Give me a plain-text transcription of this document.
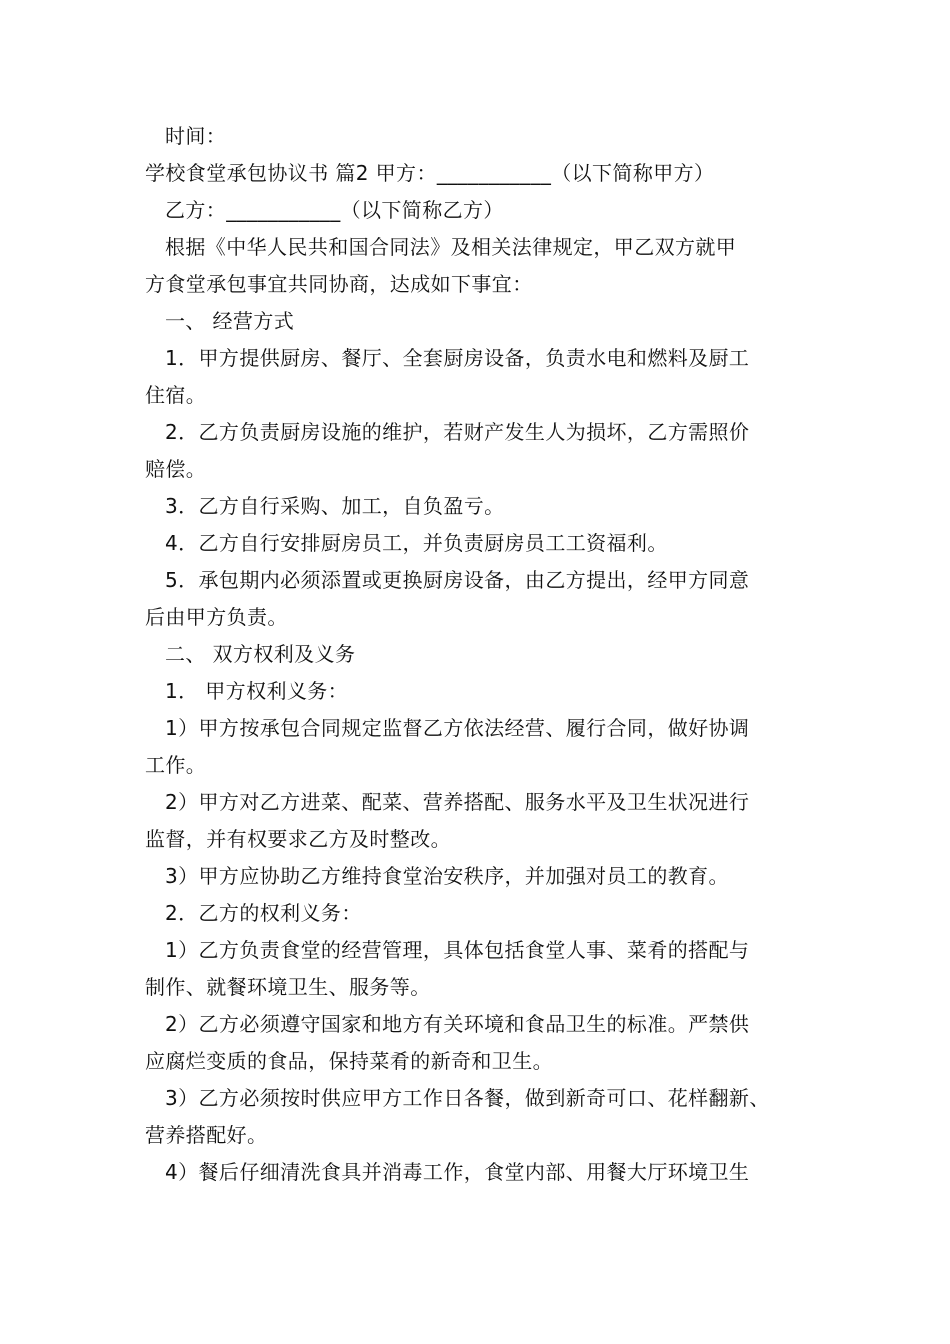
时间：
学校食堂承包协议书 篇2 甲方：___________（以下简称甲方）
乙方：___________（以下简称乙方）
根据《中华人民共和国合同法》及相关法律规定，甲乙双方就甲
方食堂承包事宜共同协商，达成如下事宜：
一、 经营方式
1．甲方提供厨房、餐厅、全套厨房设备，负责水电和燃料及厨工
住宿。
2．乙方负责厨房设施的维护，若财产发生人为损坏，乙方需照价
赔偿。
3．乙方自行采购、加工，自负盈亏。
4．乙方自行安排厨房员工，并负责厨房员工工资福利。
5．承包期内必须添置或更换厨房设备，由乙方提出，经甲方同意
后由甲方负责。
二、 双方权利及义务
1． 甲方权利义务：
1）甲方按承包合同规定监督乙方依法经营、履行合同，做好协调
工作。
2）甲方对乙方进菜、配菜、营养搭配、服务水平及卫生状况进行
监督，并有权要求乙方及时整改。
3）甲方应协助乙方维持食堂治安秩序，并加强对员工的教育。
2．乙方的权利义务：
1）乙方负责食堂的经营管理，具体包括食堂人事、菜肴的搭配与
制作、就餐环境卫生、服务等。
2）乙方必须遵守国家和地方有关环境和食品卫生的标准。严禁供
应腐烂变质的食品，保持菜肴的新奇和卫生。
3）乙方必须按时供应甲方工作日各餐，做到新奇可口、花样翻新、
营养搭配好。
4）餐后仔细清洗食具并消毒工作，食堂内部、用餐大厅环境卫生
